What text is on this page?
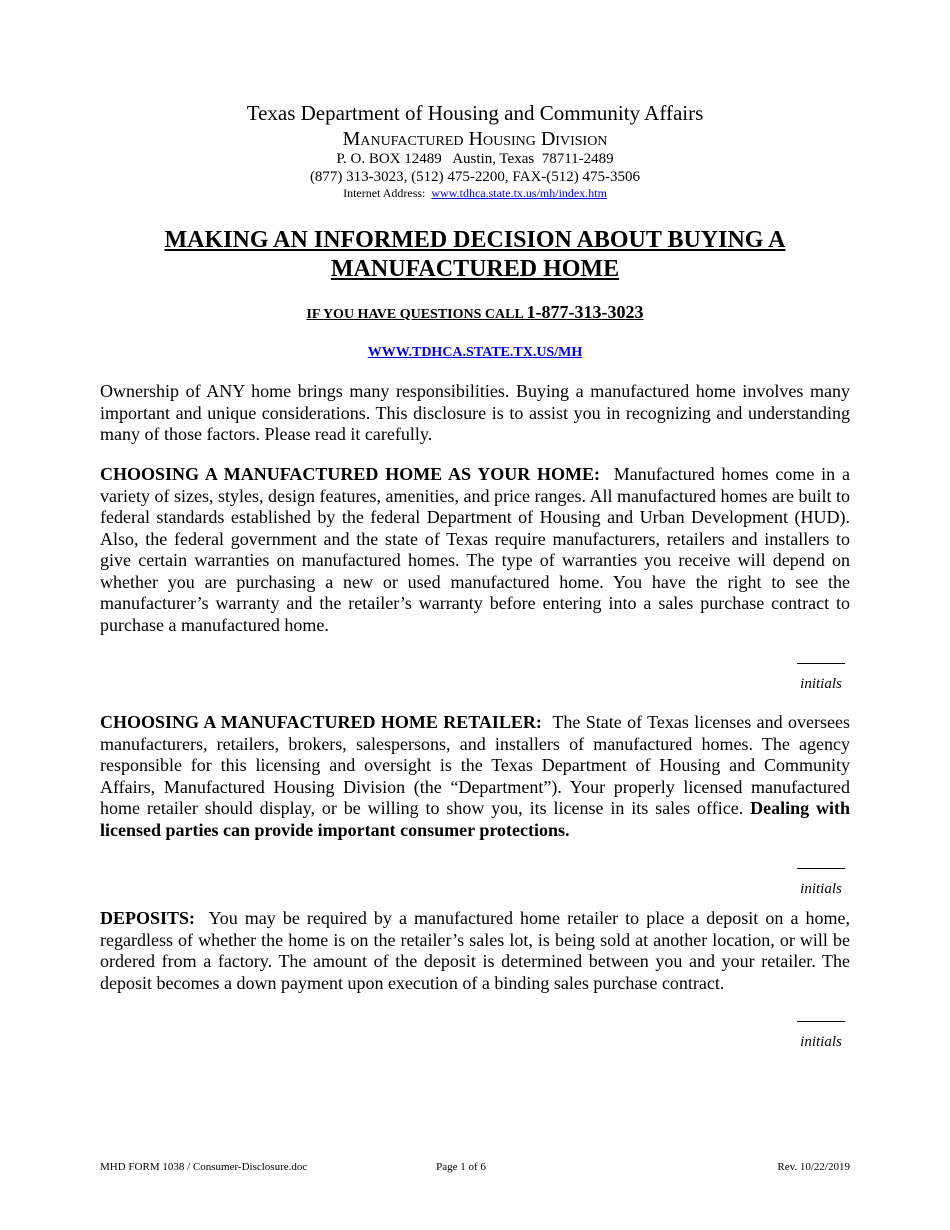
Texas Department of Housing and Community Affairs
Manufactured Housing Division
P. O. BOX 12489   Austin, Texas  78711-2489
(877) 313-3023, (512) 475-2200, FAX-(512) 475-3506
Internet Address: www.tdhca.state.tx.us/mh/index.htm
MAKING AN INFORMED DECISION ABOUT BUYING A
MANUFACTURED HOME
IF YOU HAVE QUESTIONS CALL 1-877-313-3023
WWW.TDHCA.STATE.TX.US/MH
Ownership of ANY home brings many responsibilities. Buying a manufactured home involves many important and unique considerations. This disclosure is to assist you in recognizing and understanding many of those factors. Please read it carefully.
CHOOSING A MANUFACTURED HOME AS YOUR HOME: Manufactured homes come in a variety of sizes, styles, design features, amenities, and price ranges. All manufactured homes are built to federal standards established by the federal Department of Housing and Urban Development (HUD). Also, the federal government and the state of Texas require manufacturers, retailers and installers to give certain warranties on manufactured homes. The type of warranties you receive will depend on whether you are purchasing a new or used manufactured home. You have the right to see the manufacturer’s warranty and the retailer’s warranty before entering into a sales purchase contract to purchase a manufactured home.
initials
CHOOSING A MANUFACTURED HOME RETAILER: The State of Texas licenses and oversees manufacturers, retailers, brokers, salespersons, and installers of manufactured homes. The agency responsible for this licensing and oversight is the Texas Department of Housing and Community Affairs, Manufactured Housing Division (the “Department”). Your properly licensed manufactured home retailer should display, or be willing to show you, its license in its sales office. Dealing with licensed parties can provide important consumer protections.
initials
DEPOSITS: You may be required by a manufactured home retailer to place a deposit on a home, regardless of whether the home is on the retailer’s sales lot, is being sold at another location, or will be ordered from a factory. The amount of the deposit is determined between you and your retailer. The deposit becomes a down payment upon execution of a binding sales purchase contract.
initials
MHD FORM 1038 / Consumer-Disclosure.doc	Page 1 of 6	Rev. 10/22/2019
